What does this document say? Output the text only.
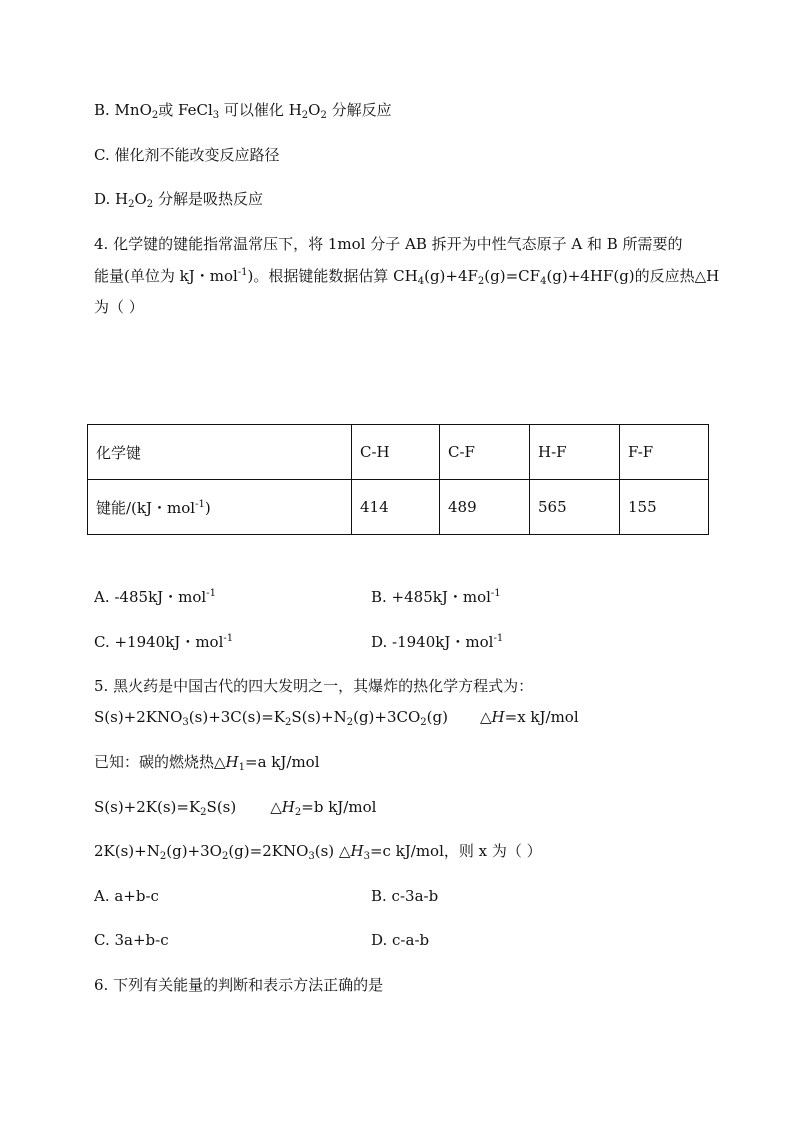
B. MnO$_2$或 FeCl$_3$ 可以催化 $H_2O_2$ 分解反应
C. 催化剂不能改变反应路径
D. $H_2O_2$ 分解是吸热反应
4. 化学键的键能指常温常压下，将 1mol 分子 AB 拆开为中性气态原子 A 和 B 所需要的
能量(单位为 kJ・mol$^{-1}$)。根据键能数据估算 $CH_4(g)+4F_2(g)=CF_4(g)+4HF(g)$的反应热△H
为（ ）
化学键	C-H	C-F	H-F	F-F
键能/(kJ・mol$^{-1}$)	414	489	565	155
A. -485kJ・mol$^{-1}$	B. +485kJ・mol$^{-1}$
C. +1940kJ・mol$^{-1}$	D. -1940kJ・mol$^{-1}$
5. 黑火药是中国古代的四大发明之一，其爆炸的热化学方程式为：
$S(s)+2KNO_3(s)+3C(s)=K_2S(s)+N_2(g)+3CO_2(g)$ △H=x kJ/mol
已知：碳的燃烧热$\triangle H_1=a$ kJ/mol
$S(s)+2K(s)=K_2S(s)$ $\triangle H_2=b$ kJ/mol
$2K(s)+N_2(g)+3O_2(g)=2KNO_3(s)$ $\triangle H_3=c$ kJ/mol，则 x 为（ ）
A. a+b-c	B. c-3a-b
C. 3a+b-c	D. c-a-b
6. 下列有关能量的判断和表示方法正确的是
